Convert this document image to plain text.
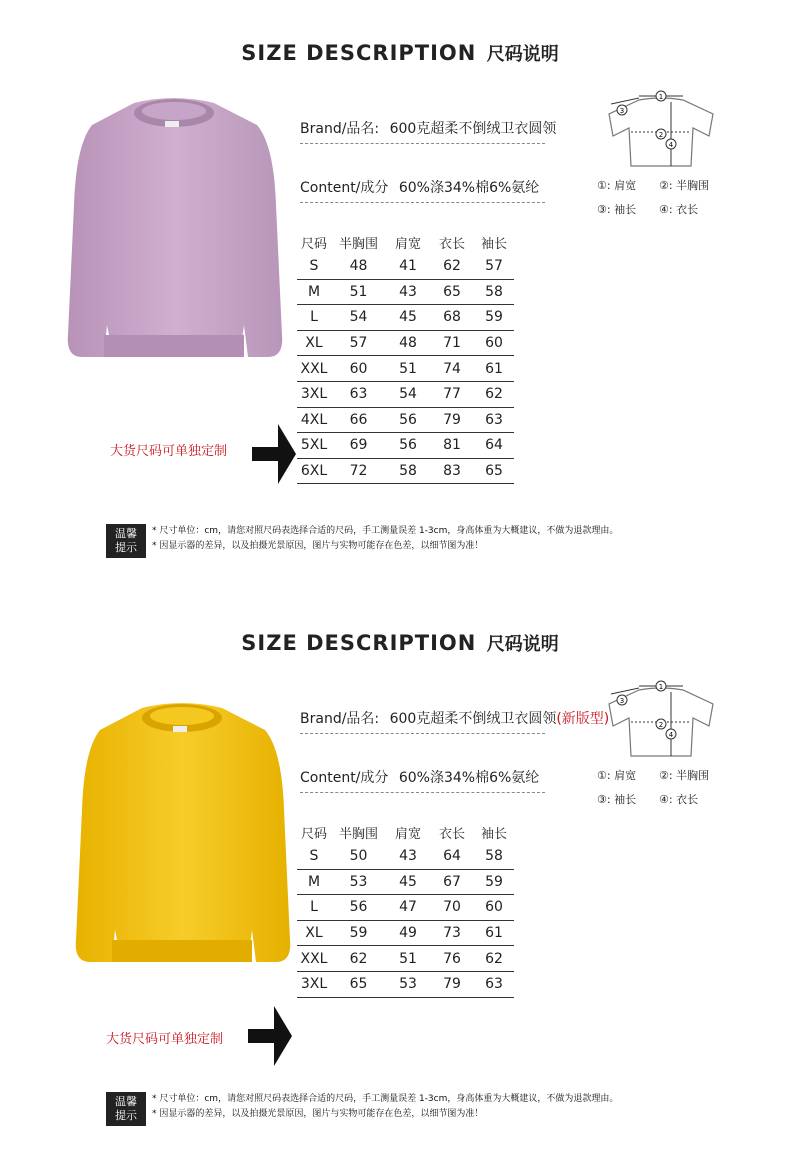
SIZE DESCRIPTION 尺码说明
Brand/品名: 600克超柔不倒绒卫衣圆领
Content/成分 60%涤34%棉6%氨纶
1
3
2
4
①: 肩宽 ②: 半胸围
③: 袖长 ④: 衣长
尺码	半胸围	肩宽	衣长	袖长
S	48	41	62	57
M	51	43	65	58
L	54	45	68	59
XL	57	48	71	60
XXL	60	51	74	61
3XL	63	54	77	62
4XL	66	56	79	63
5XL	69	56	81	64
6XL	72	58	83	65
大货尺码可单独定制
温馨
提示
* 尺寸单位：cm，请您对照尺码表选择合适的尺码，手工测量误差 1-3cm，身高体重为大概建议，不做为退款理由。
* 因显示器的差异，以及拍摄光景原因，图片与实物可能存在色差，以细节图为准！
SIZE DESCRIPTION 尺码说明
Brand/品名: 600克超柔不倒绒卫衣圆领(新版型)
Content/成分 60%涤34%棉6%氨纶
1
3
2
4
①: 肩宽 ②: 半胸围
③: 袖长 ④: 衣长
尺码	半胸围	肩宽	衣长	袖长
S	50	43	64	58
M	53	45	67	59
L	56	47	70	60
XL	59	49	73	61
XXL	62	51	76	62
3XL	65	53	79	63
大货尺码可单独定制
温馨
提示
* 尺寸单位：cm，请您对照尺码表选择合适的尺码，手工测量误差 1-3cm，身高体重为大概建议，不做为退款理由。
* 因显示器的差异，以及拍摄光景原因，图片与实物可能存在色差，以细节图为准！
